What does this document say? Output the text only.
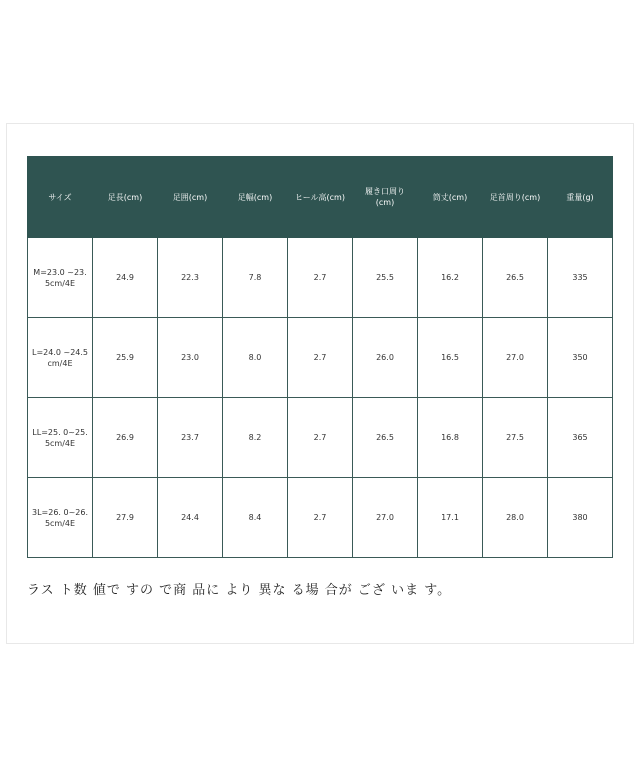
サイズ	足長(cm)	足囲(cm)	足幅(cm)	ヒール高(cm)	履き口周り(cm)	筒丈(cm)	足首周り(cm)	重量(g)
M=23.0 ~23.5cm/4E	24.9	22.3	7.8	2.7	25.5	16.2	26.5	335
L=24.0 ~24.5cm/4E	25.9	23.0	8.0	2.7	26.0	16.5	27.0	350
LL=25. 0~25.5cm/4E	26.9	23.7	8.2	2.7	26.5	16.8	27.5	365
3L=26. 0~26.5cm/4E	27.9	24.4	8.4	2.7	27.0	17.1	28.0	380
ラス ト数 値で すの で商 品に より 異な る場 合が ござ いま す。
